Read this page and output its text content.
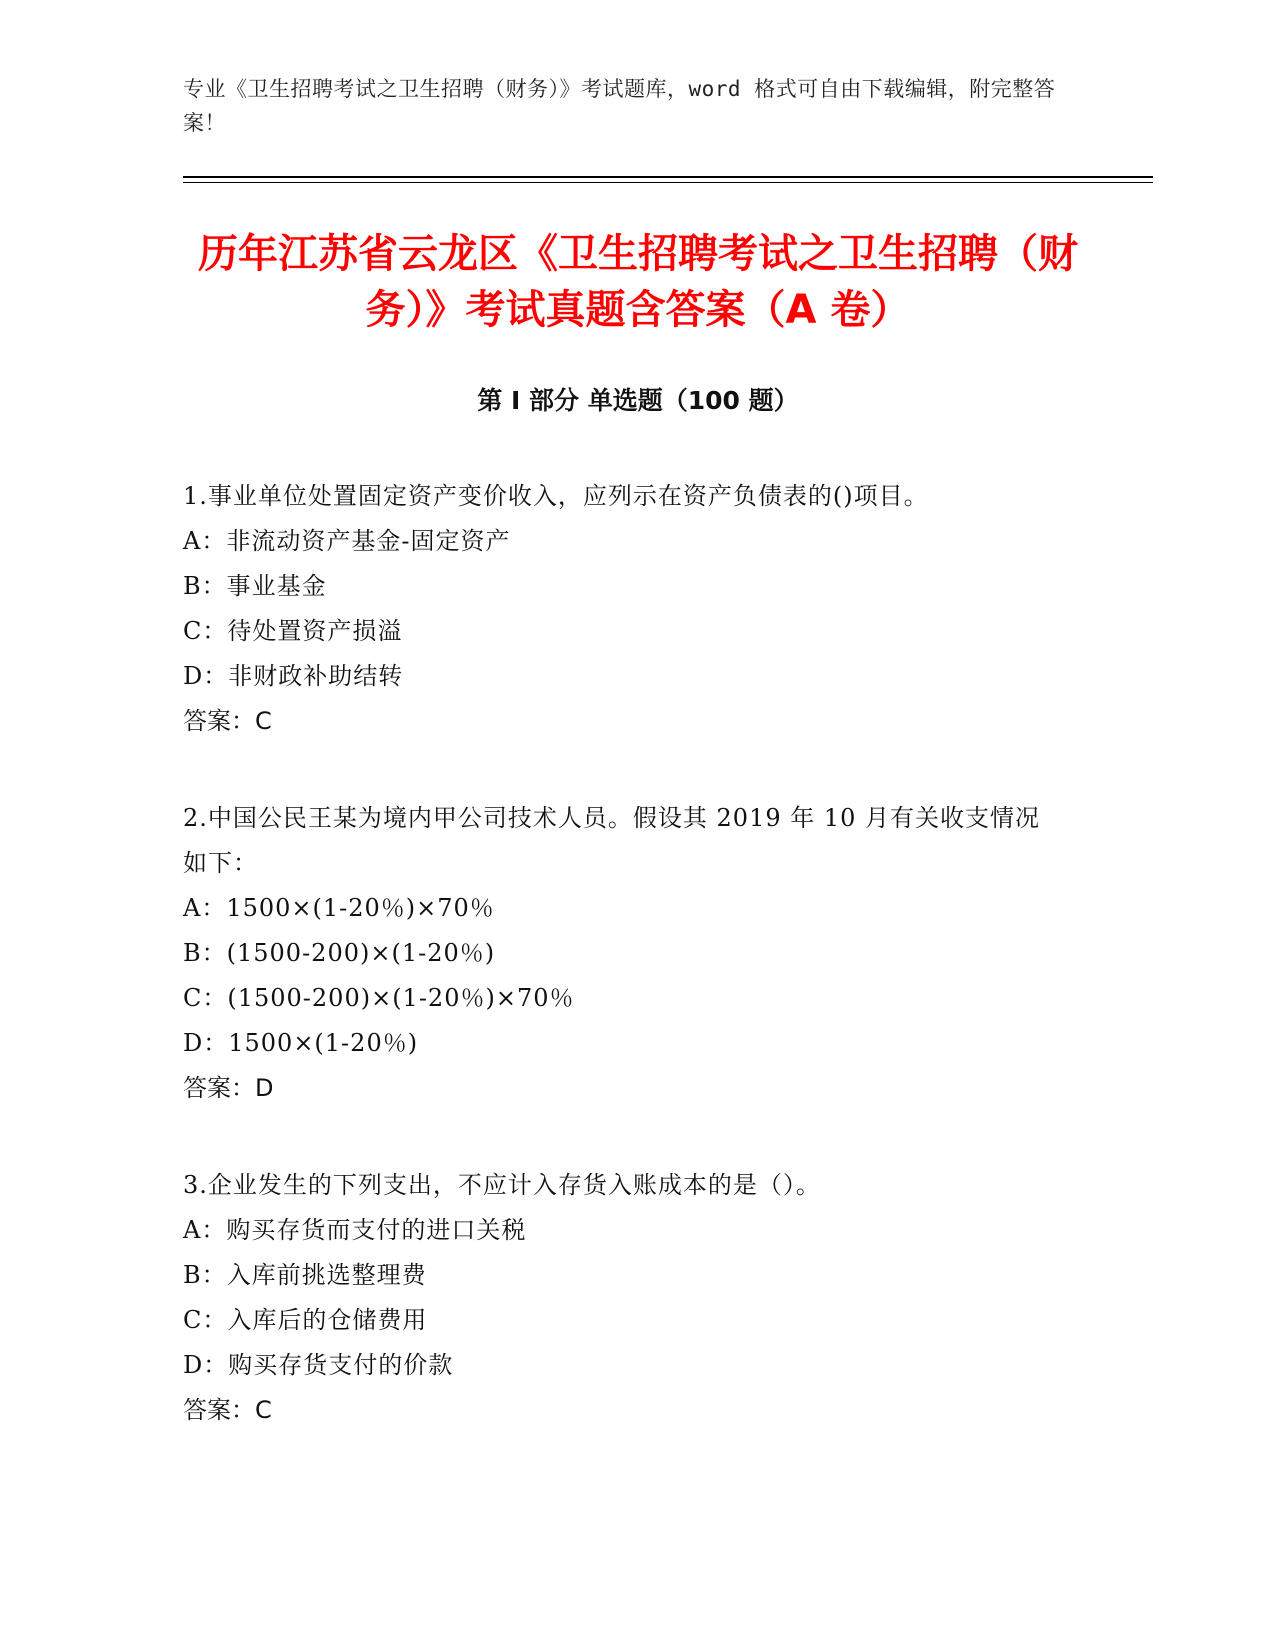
专业《卫生招聘考试之卫生招聘（财务）》考试题库，word 格式可自由下载编辑，附完整答案！
历年江苏省云龙区《卫生招聘考试之卫生招聘（财务）》考试真题含答案（A 卷）
第 I 部分 单选题（100 题）
1.事业单位处置固定资产变价收入，应列示在资产负债表的()项目。
A：非流动资产基金-固定资产
B：事业基金
C：待处置资产损溢
D：非财政补助结转
答案：C
2.中国公民王某为境内甲公司技术人员。假设其 2019 年 10 月有关收支情况如下：
A：1500×(1-20％)×70％
B：(1500-200)×(1-20％)
C：(1500-200)×(1-20％)×70％
D：1500×(1-20％)
答案：D
3.企业发生的下列支出，不应计入存货入账成本的是（）。
A：购买存货而支付的进口关税
B：入库前挑选整理费
C：入库后的仓储费用
D：购买存货支付的价款
答案：C
